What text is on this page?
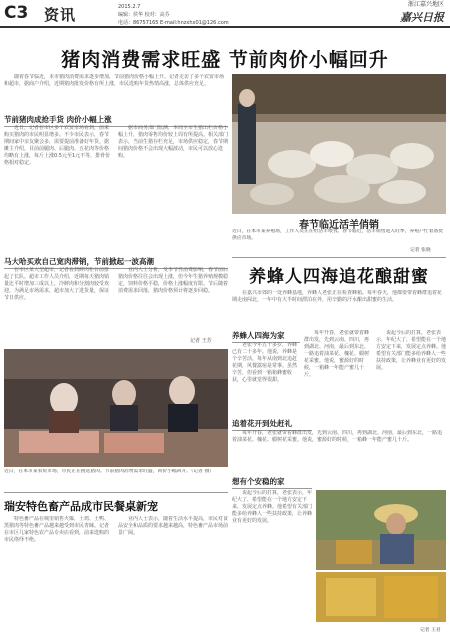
C3 资讯	2015.2.7
编辑：侯华 校对：高芬
电话：86757165 E-mail:hnzxhx01@126.com
浙江嘉兴地区
嘉兴日报
猪肉消费需求旺盛 节前肉价小幅回升
随着春节临近，本市猪肉消费需求逐步增加，节前猪肉价格小幅上升。记者走访了多个农贸市场和超市，据商户介绍，近期猪肉批发价格有所上涨，市民选购年货热情高涨，总体供应充足。
节前猪肉成抢手货 肉价小幅上涨
近日，记者在市区多个农贸市场看到，前来购买猪肉的市民明显增多。不少市民表示，春节期间家中亲友聚会多，需要提前准备好年货。据摊主介绍，目前前腿肉、后腿肉、五花肉等价格均略有上涨，每斤上涨0.5元至1元不等，排骨价格相对稳定。
据市商务部门监测，本周全市生猪出栏价格小幅上升，猪肉零售均价较上周有所提高。相关部门表示，当前生猪存栏充足，市场供应稳定，春节期间猪肉价格不会出现大幅波动，市民可以放心选购。
马大哈买欢自己宽肉滞销，节前掀起一波高潮
在市区某大型超市，记者看到鲜肉柜台前排起了长队。超市工作人员介绍，近期每天猪肉销量比平时增加三成以上，冷鲜肉和分割肉较受欢迎。为满足市场需求，超市加大了进货量，保证节日供应。
业内人士分析，受季节性消费影响，春节前后猪肉价格往往会出现上涨，但今年生猪养殖规模稳定，饲料价格平稳，价格上涨幅度有限。节后随着消费需求回落，猪肉价格预计将逐步回稳。
记者 王芳
近日，在本市某农贸市场，市民正在挑选猪肉。节前猪肉消费需求旺盛，肉价小幅回升。（记者 摄）
瑞安特色畜产品成市民餐桌新宠
特色畜产品在城里销售火爆，土鸡、土鸭、黑猪肉等特色畜产品越来越受到市民青睐。记者在市区几家特色农产品专卖店看到，前来选购的市民络绎不绝。
业内人士表示，随着生活水平提高，市民对食品安全和品质的要求越来越高，特色畜产品市场前景广阔。
春节临近活羊俏销
近日，在本市某养殖场，工作人员正在给活羊喂食。春节临近，活羊销售进入旺季，养殖户忙着备货供应市场。
记者 张晓
养蜂人四海追花酿甜蜜
在嘉兴市郊的一处养蜂基地，养蜂人老张正在检查蜂箱。每年春天，他都要带着蜂群追着花期走南闯北，一年中有大半时间漂泊在外，用辛勤的汗水酿出甜蜜的生活。
养蜂人四海为家
老张今年五十多岁，养蜂已有二十多年。他说，养蜂是个辛苦活，每年从南到北追赶花期，风餐露宿是常事。虽然辛苦，但看到一箱箱蜂蜜收获，心里就觉得很甜。
每年开春，老张就带着蜂群出发，先到云南、四川，再到湖北、河南，最后到东北，一路追着油菜花、槐花、椴树花采蜜。他说，蜜源好的时候，一箱蜂一年能产蜜几十斤。
说起今后的打算，老张表示，年纪大了，希望能在一个地方安定下来，发展定点养蜂。他希望有关部门能多给养蜂人一些扶持政策，让养蜂业有更好的发展。
追着花开到处赶礼
每年开春，老张就带着蜂群出发，先到云南、四川，再到湖北、河南，最后到东北，一路追着油菜花、槐花、椴树花采蜜。他说，蜜源好的时候，一箱蜂一年能产蜜几十斤。
想有个安稳的家
说起今后的打算，老张表示，年纪大了，希望能在一个地方安定下来，发展定点养蜂。他希望有关部门能多给养蜂人一些扶持政策，让养蜂业有更好的发展。
记者 王君
